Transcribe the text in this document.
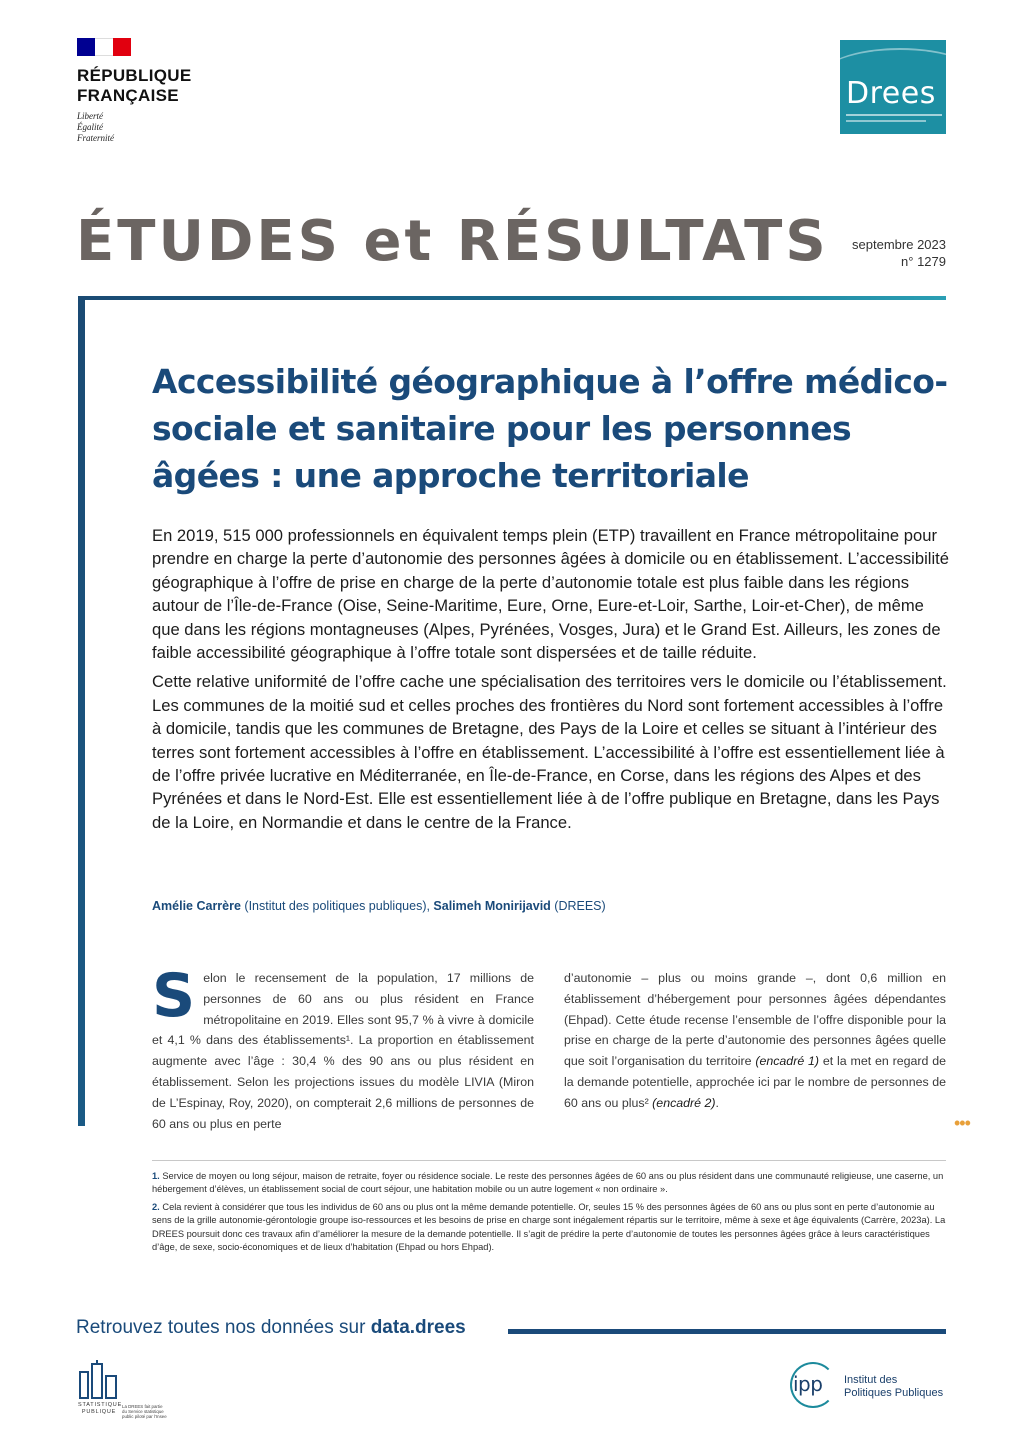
RÉPUBLIQUE
FRANÇAISE
Liberté
Égalité
Fraternité
Drees
ÉTUDES et RÉSULTATS septembre 2023
n° 1279
Accessibilité géographique à l’offre médico-sociale et sanitaire pour les personnes âgées : une approche territoriale

En 2019, 515 000 professionnels en équivalent temps plein (ETP) travaillent en France métropolitaine pour prendre en charge la perte d’autonomie des personnes âgées à domicile ou en établissement. L’accessibilité géographique à l’offre de prise en charge de la perte d’autonomie totale est plus faible dans les régions autour de l’Île-de-France (Oise, Seine-Maritime, Eure, Orne, Eure-et-Loir, Sarthe, Loir-et-Cher), de même que dans les régions montagneuses (Alpes, Pyrénées, Vosges, Jura) et le Grand Est. Ailleurs, les zones de faible accessibilité géographique à l’offre totale sont dispersées et de taille réduite.

Cette relative uniformité de l’offre cache une spécialisation des territoires vers le domicile ou l’établissement. Les communes de la moitié sud et celles proches des frontières du Nord sont fortement accessibles à l’offre à domicile, tandis que les communes de Bretagne, des Pays de la Loire et celles se situant à l’intérieur des terres sont fortement accessibles à l’offre en établissement. L’accessibilité à l’offre est essentiellement liée à de l’offre privée lucrative en Méditerranée, en Île-de-France, en Corse, dans les régions des Alpes et des Pyrénées et dans le Nord-Est. Elle est essentiellement liée à de l’offre publique en Bretagne, dans les Pays de la Loire, en Normandie et dans le centre de la France.

Amélie Carrère (Institut des politiques publiques), Salimeh Monirijavid (DREES)
Selon le recensement de la population, 17 millions de personnes de 60 ans ou plus résident en France métropolitaine en 2019. Elles sont 95,7 % à vivre à domicile et 4,1 % dans des établissements¹. La proportion en établissement augmente avec l’âge : 30,4 % des 90 ans ou plus résident en établissement. Selon les projections issues du modèle LIVIA (Miron de L’Espinay, Roy, 2020), on compterait 2,6 millions de personnes de 60 ans ou plus en perte
d’autonomie – plus ou moins grande –, dont 0,6 million en établissement d’hébergement pour personnes âgées dépendantes (Ehpad). Cette étude recense l’ensemble de l’offre disponible pour la prise en charge de la perte d’autonomie des personnes âgées quelle que soit l’organisation du territoire (encadré 1) et la met en regard de la demande potentielle, approchée ici par le nombre de personnes de 60 ans ou plus² (encadré 2).
•••

1. Service de moyen ou long séjour, maison de retraite, foyer ou résidence sociale. Le reste des personnes âgées de 60 ans ou plus résident dans une communauté religieuse, une caserne, un hébergement d’élèves, un établissement social de court séjour, une habitation mobile ou un autre logement « non ordinaire ».

2. Cela revient à considérer que tous les individus de 60 ans ou plus ont la même demande potentielle. Or, seules 15 % des personnes âgées de 60 ans ou plus sont en perte d’autonomie au sens de la grille autonomie-gérontologie groupe iso-ressources et les besoins de prise en charge sont inégalement répartis sur le territoire, même à sexe et âge équivalents (Carrère, 2023a). La DREES poursuit donc ces travaux afin d’améliorer la mesure de la demande potentielle. Il s’agit de prédire la perte d’autonomie de toutes les personnes âgées grâce à leurs caractéristiques d’âge, de sexe, socio-économiques et de lieux d’habitation (Ehpad ou hors Ehpad).

Retrouvez toutes nos données sur data.drees
STATISTIQUE
PUBLIQUE
La DREES fait partie
du Service statistique
public piloté par l’Insee
ipp Institut des
Politiques Publiques
